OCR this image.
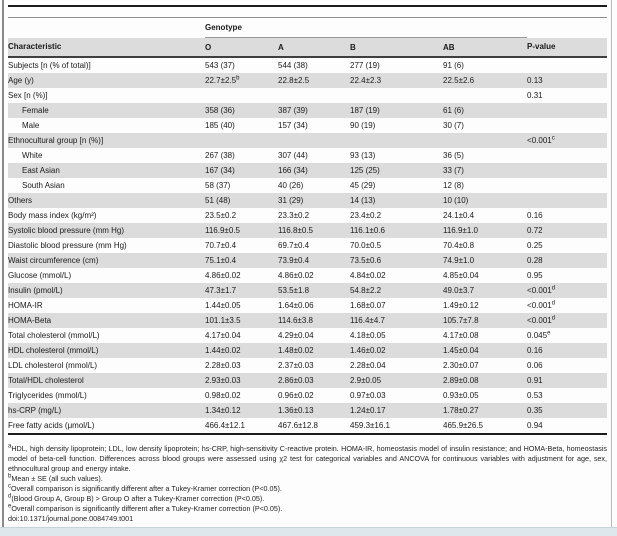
	Genotype				
Characteristic	O	A	B	AB	P-value
Subjects [n (% of total)]	543 (37)	544 (38)	277 (19)	91 (6)	
Age (y)	22.7±2.5$^b$	22.8±2.5	22.4±2.3	22.5±2.6	0.13
Sex [n (%)]					0.31
Female	358 (36)	387 (39)	187 (19)	61 (6)	
Male	185 (40)	157 (34)	90 (19)	30 (7)	
Ethnocultural group [n (%)]					<0.001$^c$
White	267 (38)	307 (44)	93 (13)	36 (5)	
East Asian	167 (34)	166 (34)	125 (25)	33 (7)	
South Asian	58 (37)	40 (26)	45 (29)	12 (8)	
Others	51 (48)	31 (29)	14 (13)	10 (10)	
Body mass index (kg/m²)	23.5±0.2	23.3±0.2	23.4±0.2	24.1±0.4	0.16
Systolic blood pressure (mm Hg)	116.9±0.5	116.8±0.5	116.1±0.6	116.9±1.0	0.72
Diastolic blood pressure (mm Hg)	70.7±0.4	69.7±0.4	70.0±0.5	70.4±0.8	0.25
Waist circumference (cm)	75.1±0.4	73.9±0.4	73.5±0.6	74.9±1.0	0.28
Glucose (mmol/L)	4.86±0.02	4.86±0.02	4.84±0.02	4.85±0.04	0.95
Insulin (pmol/L)	47.3±1.7	53.5±1.8	54.8±2.2	49.0±3.7	<0.001$^d$
HOMA-IR	1.44±0.05	1.64±0.06	1.68±0.07	1.49±0.12	<0.001$^d$
HOMA-Beta	101.1±3.5	114.6±3.8	116.4±4.7	105.7±7.8	<0.001$^d$
Total cholesterol (mmol/L)	4.17±0.04	4.29±0.04	4.18±0.05	4.17±0.08	0.045e
HDL cholesterol (mmol/L)	1.44±0.02	1.48±0.02	1.46±0.02	1.45±0.04	0.16
LDL cholesterol (mmol/L)	2.28±0.03	2.37±0.03	2.28±0.04	2.30±0.07	0.06
Total/HDL cholesterol	2.93±0.03	2.86±0.03	2.9±0.05	2.89±0.08	0.91
Triglycerides (mmol/L)	0.98±0.02	0.96±0.02	0.97±0.03	0.93±0.05	0.53
hs-CRP (mg/L)	1.34±0.12	1.36±0.13	1.24±0.17	1.78±0.27	0.35
Free fatty acids (μmol/L)	466.4±12.1	467.6±12.8	459.3±16.1	465.9±26.5	0.94
$^a$HDL, high density lipoprotein; LDL, low density lipoprotein; hs-CRP, high-sensitivity C-reactive protein. HOMA-IR, homeostasis model of insulin resistance; and HOMA-Beta, homeostasis model of beta-cell function. Differences across blood groups were assessed using χ2 test for categorical variables and ANCOVA for continuous variables with adjustment for age, sex, ethnocultural group and energy intake.
$^b$Mean ± SE (all such values).
$^c$Overall comparison is significantly different after a Tukey-Kramer correction (P<0.05).
$^d$(Blood Group A, Group B) > Group O after a Tukey-Kramer correction (P<0.05).
$^e$Overall comparison is significantly different after a Tukey-Kramer correction (P<0.05).
doi:10.1371/journal.pone.0084749.t001
